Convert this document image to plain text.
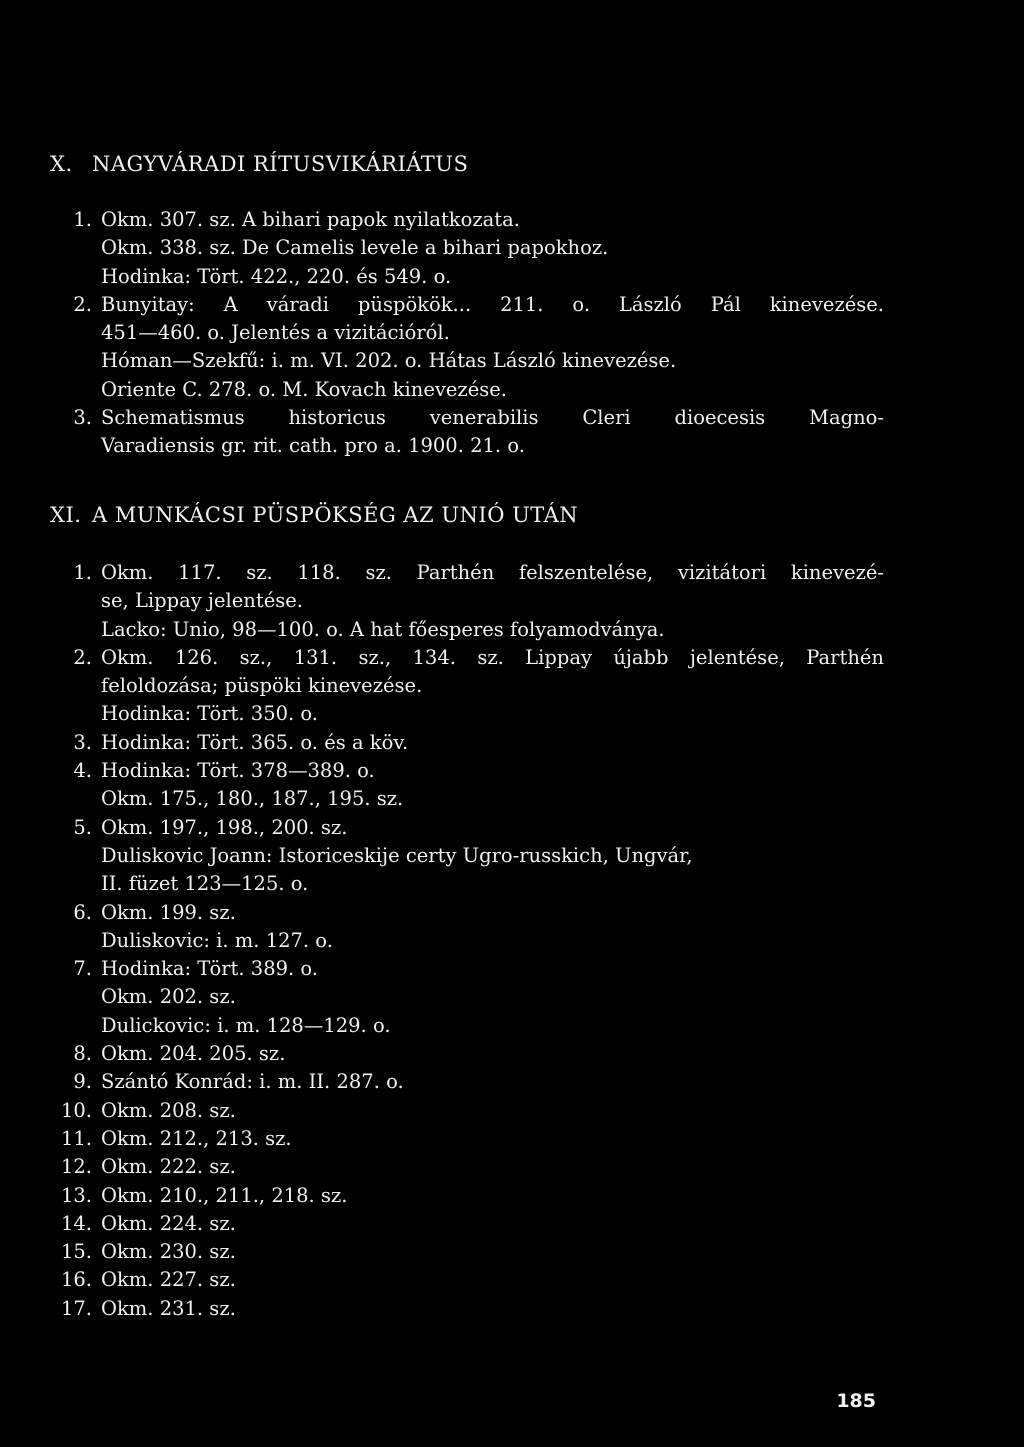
X. NAGYVÁRADI RÍTUSVIKÁRIÁTUS
1. Okm. 307. sz. A bihari papok nyilatkozata.
Okm. 338. sz. De Camelis levele a bihari papokhoz.
Hodinka: Tört. 422., 220. és 549. o.
2. Bunyitay: A váradi püspökök... 211. o. László Pál kinevezése.
451—460. o. Jelentés a vizitációról.
Hóman—Szekfű: i. m. VI. 202. o. Hátas László kinevezése.
Oriente C. 278. o. M. Kovach kinevezése.
3. Schematismus historicus venerabilis Cleri dioecesis Magno-
Varadiensis gr. rit. cath. pro a. 1900. 21. o.
XI. A MUNKÁCSI PÜSPÖKSÉG AZ UNIÓ UTÁN
1. Okm. 117. sz. 118. sz. Parthén felszentelése, vizitátori kinevezé-
se, Lippay jelentése.
Lacko: Unio, 98—100. o. A hat főesperes folyamodványa.
2. Okm. 126. sz., 131. sz., 134. sz. Lippay újabb jelentése, Parthén
feloldozása; püspöki kinevezése.
Hodinka: Tört. 350. o.
3. Hodinka: Tört. 365. o. és a köv.
4. Hodinka: Tört. 378—389. o.
Okm. 175., 180., 187., 195. sz.
5. Okm. 197., 198., 200. sz.
Duliskovic Joann: Istoriceskije certy Ugro-russkich, Ungvár,
II. füzet 123—125. o.
6. Okm. 199. sz.
Duliskovic: i. m. 127. o.
7. Hodinka: Tört. 389. o.
Okm. 202. sz.
Dulickovic: i. m. 128—129. o.
8. Okm. 204. 205. sz.
9. Szántó Konrád: i. m. II. 287. o.
10. Okm. 208. sz.
11. Okm. 212., 213. sz.
12. Okm. 222. sz.
13. Okm. 210., 211., 218. sz.
14. Okm. 224. sz.
15. Okm. 230. sz.
16. Okm. 227. sz.
17. Okm. 231. sz.
185
